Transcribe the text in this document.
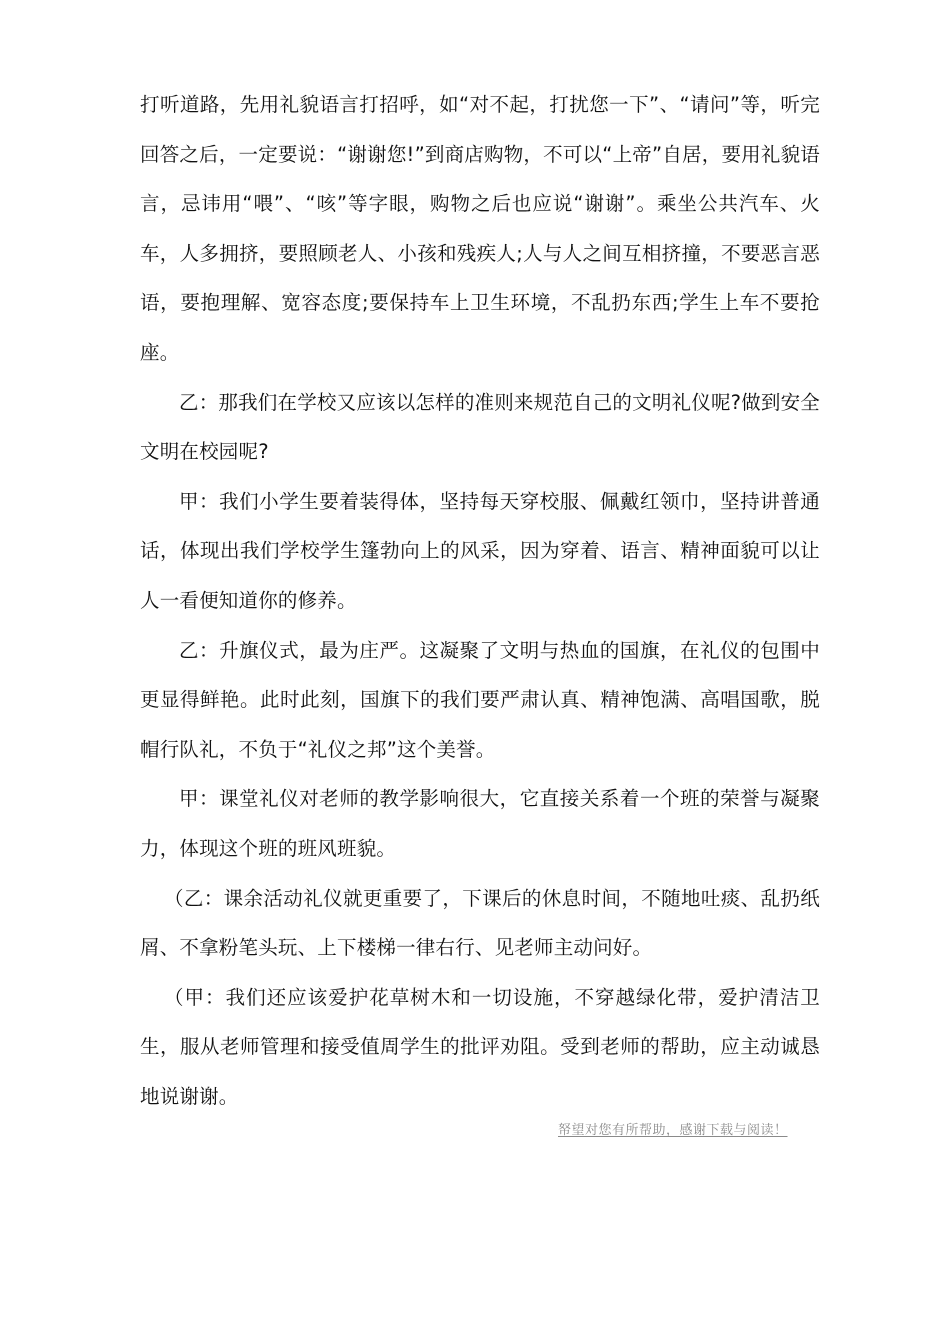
打听道路，先用礼貌语言打招呼，如“对不起，打扰您一下”、“请问”等，听完回答之后，一定要说：“谢谢您!”到商店购物，不可以“上帝”自居，要用礼貌语言，忌讳用“喂”、“咳”等字眼，购物之后也应说“谢谢”。乘坐公共汽车、火车，人多拥挤，要照顾老人、小孩和残疾人;人与人之间互相挤撞，不要恶言恶语，要抱理解、宽容态度;要保持车上卫生环境，不乱扔东西;学生上车不要抢座。

乙：那我们在学校又应该以怎样的准则来规范自己的文明礼仪呢?做到安全文明在校园呢?

甲：我们小学生要着装得体，坚持每天穿校服、佩戴红领巾，坚持讲普通话，体现出我们学校学生篷勃向上的风采，因为穿着、语言、精神面貌可以让人一看便知道你的修养。

乙：升旗仪式，最为庄严。这凝聚了文明与热血的国旗，在礼仪的包围中更显得鲜艳。此时此刻，国旗下的我们要严肃认真、精神饱满、高唱国歌，脱帽行队礼，不负于“礼仪之邦”这个美誉。

甲：课堂礼仪对老师的教学影响很大，它直接关系着一个班的荣誉与凝聚力，体现这个班的班风班貌。

（乙：课余活动礼仪就更重要了，下课后的休息时间，不随地吐痰、乱扔纸屑、不拿粉笔头玩、上下楼梯一律右行、见老师主动问好。

（甲：我们还应该爱护花草树木和一切设施，不穿越绿化带，爱护清洁卫生，服从老师管理和接受值周学生的批评劝阻。受到老师的帮助，应主动诚恳地说谢谢。

帑望对您有所帮助，感谢下载与阅读！
